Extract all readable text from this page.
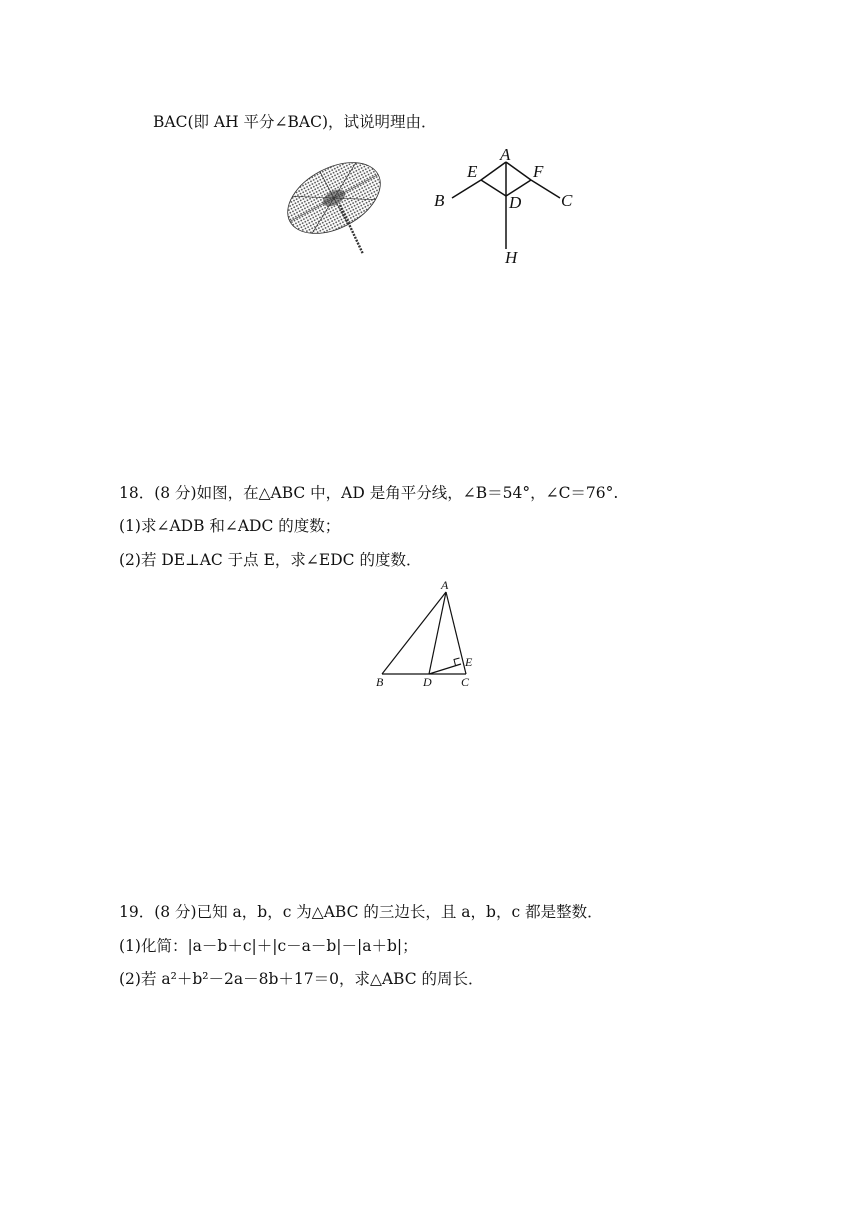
BAC(即 AH 平分∠BAC)，试说明理由．
A
E	F
B	C
D
H
18．(8 分)如图，在△ABC 中，AD 是角平分线，∠B＝54°，∠C＝76°.
(1)求∠ADB 和∠ADC 的度数；
(2)若 DE⊥AC 于点 E，求∠EDC 的度数．
A
B	D C
E
19．(8 分)已知 a，b，c 为△ABC 的三边长，且 a，b，c 都是整数．
(1)化简：|a－b＋c|＋|c－a－b|－|a＋b|；
(2)若 a²＋b²－2a－8b＋17＝0，求△ABC 的周长．
